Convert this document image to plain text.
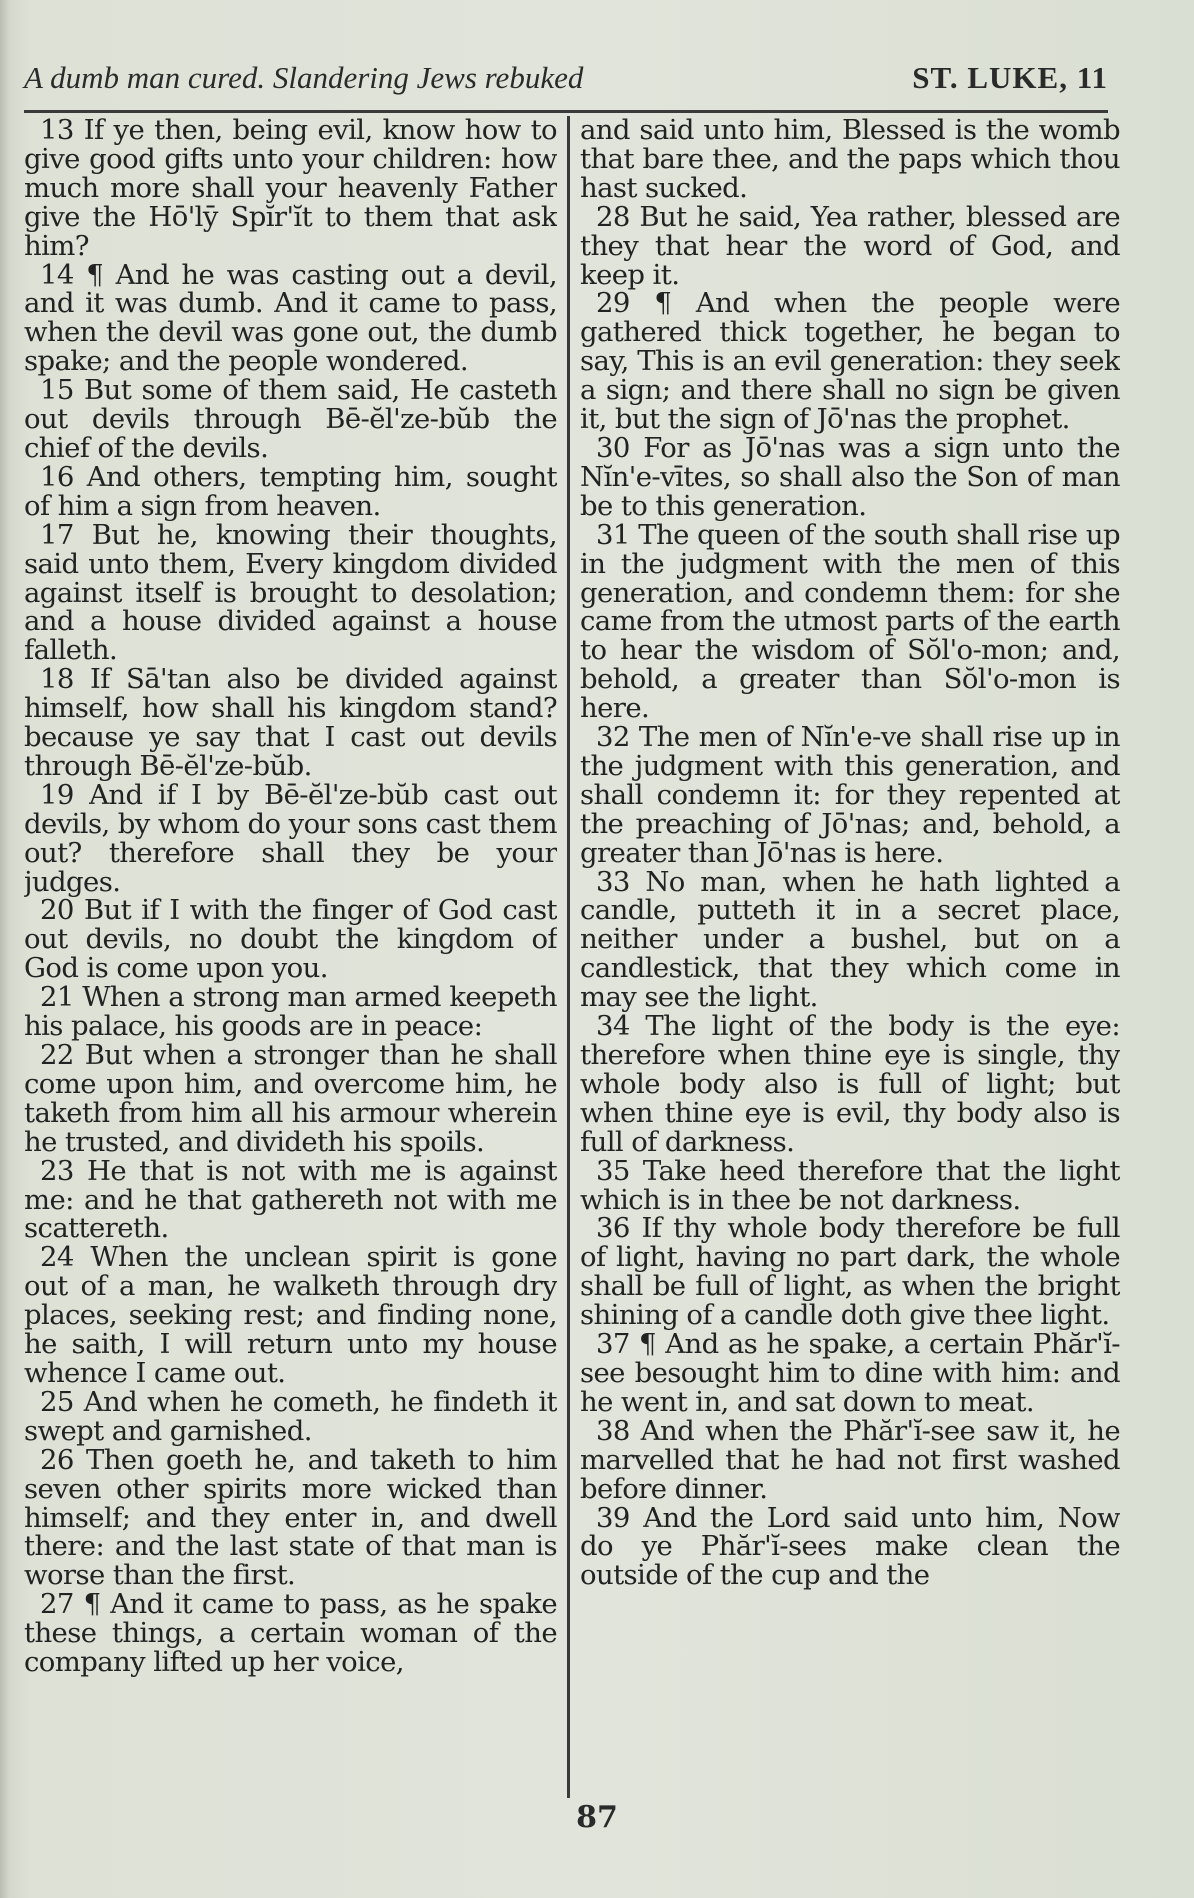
A dumb man cured. Slandering Jews rebuked	ST. LUKE, 11

13 If ye then, being evil, know how to give good gifts unto your children: how much more shall your heavenly Father give the Hō'lȳ Spĭr'ĭt to them that ask him?

14 ¶ And he was casting out a devil, and it was dumb. And it came to pass, when the devil was gone out, the dumb spake; and the people wondered.

15 But some of them said, He casteth out devils through Bē-ĕl'ze-bŭb the chief of the devils.

16 And others, tempting him, sought of him a sign from heaven.

17 But he, knowing their thoughts, said unto them, Every kingdom divided against itself is brought to desolation; and a house divided against a house falleth.

18 If Sā'tan also be divided against himself, how shall his kingdom stand? because ye say that I cast out devils through Bē-ĕl'ze-bŭb.

19 And if I by Bē-ĕl'ze-bŭb cast out devils, by whom do your sons cast them out? therefore shall they be your judges.

20 But if I with the finger of God cast out devils, no doubt the kingdom of God is come upon you.

21 When a strong man armed keepeth his palace, his goods are in peace:

22 But when a stronger than he shall come upon him, and overcome him, he taketh from him all his armour wherein he trusted, and divideth his spoils.

23 He that is not with me is against me: and he that gathereth not with me scattereth.

24 When the unclean spirit is gone out of a man, he walketh through dry places, seeking rest; and finding none, he saith, I will return unto my house whence I came out.

25 And when he cometh, he findeth it swept and garnished.

26 Then goeth he, and taketh to him seven other spirits more wicked than himself; and they enter in, and dwell there: and the last state of that man is worse than the first.

27 ¶ And it came to pass, as he spake these things, a certain woman of the company lifted up her voice,

and said unto him, Blessed is the womb that bare thee, and the paps which thou hast sucked.

28 But he said, Yea rather, blessed are they that hear the word of God, and keep it.

29 ¶ And when the people were gathered thick together, he began to say, This is an evil generation: they seek a sign; and there shall no sign be given it, but the sign of Jō'nas the prophet.

30 For as Jō'nas was a sign unto the Nĭn'e-vītes, so shall also the Son of man be to this generation.

31 The queen of the south shall rise up in the judgment with the men of this generation, and condemn them: for she came from the utmost parts of the earth to hear the wisdom of Sŏl'o-mon; and, behold, a greater than Sŏl'o-mon is here.

32 The men of Nĭn'e-ve shall rise up in the judgment with this generation, and shall condemn it: for they repented at the preaching of Jō'nas; and, behold, a greater than Jō'nas is here.

33 No man, when he hath lighted a candle, putteth it in a secret place, neither under a bushel, but on a candlestick, that they which come in may see the light.

34 The light of the body is the eye: therefore when thine eye is single, thy whole body also is full of light; but when thine eye is evil, thy body also is full of darkness.

35 Take heed therefore that the light which is in thee be not darkness.

36 If thy whole body therefore be full of light, having no part dark, the whole shall be full of light, as when the bright shining of a candle doth give thee light.

37 ¶ And as he spake, a certain Phăr'ĭ-see besought him to dine with him: and he went in, and sat down to meat.

38 And when the Phăr'ĭ-see saw it, he marvelled that he had not first washed before dinner.

39 And the Lord said unto him, Now do ye Phăr'ĭ-sees make clean the outside of the cup and the

87
